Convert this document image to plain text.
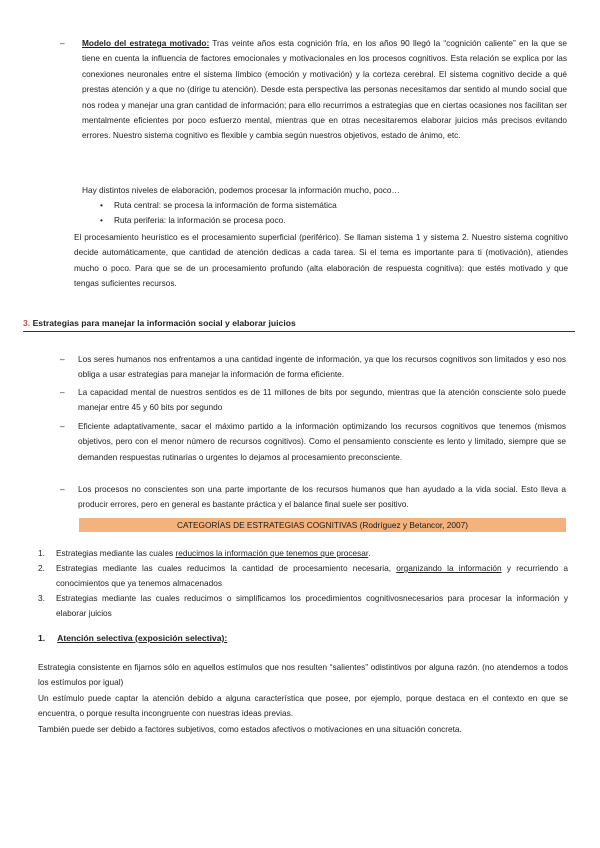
– Modelo del estratega motivado: Tras veinte años esta cognición fría, en los años 90 llegó la “cognición caliente” en la que se tiene en cuenta la influencia de factores emocionales y motivacionales en los procesos cognitivos. Esta relación se explica por las conexiones neuronales entre el sistema límbico (emoción y motivación) y la corteza cerebral. El sistema cognitivo decide a qué prestas atención y a que no (dirige tu atención). Desde esta perspectiva las personas necesitamos dar sentido al mundo social que nos rodea y manejar una gran cantidad de información; para ello recurrimos a estrategias que en ciertas ocasiones nos facilitan ser mentalmente eficientes por poco esfuerzo mental, mientras que en otras necesitaremos elaborar juicios más precisos evitando errores. Nuestro sistema cognitivo es flexible y cambia según nuestros objetivos, estado de ánimo, etc.
Hay distintos niveles de elaboración, podemos procesar la información mucho, poco…
• Ruta central: se procesa la información de forma sistemática
• Ruta periferia: la información se procesa poco.
El procesamiento heurístico es el procesamiento superficial (periférico). Se llaman sistema 1 y sistema 2. Nuestro sistema cognitivo decide automáticamente, que cantidad de atención dedicas a cada tarea. Si el tema es importante para ti (motivación), atiendes mucho o poco. Para que se de un procesamiento profundo (alta elaboración de respuesta cognitiva): que estés motivado y que tengas suficientes recursos.
3. Estrategias para manejar la información social y elaborar juicios
– Los seres humanos nos enfrentamos a una cantidad ingente de información, ya que los recursos cognitivos son limitados y eso nos obliga a usar estrategias para manejar la información de forma eficiente.
– La capacidad mental de nuestros sentidos es de 11 millones de bits por segundo, mientras que la atención consciente solo puede manejar entre 45 y 60 bits por segundo
– Eficiente adaptativamente, sacar el máximo partido a la información optimizando los recursos cognitivos que tenemos (mismos objetivos, pero con el menor número de recursos cognitivos). Como el pensamiento consciente es lento y limitado, siempre que se demanden respuestas rutinarias o urgentes lo dejamos al procesamiento preconsciente.
– Los procesos no conscientes son una parte importante de los recursos humanos que han ayudado a la vida social. Esto lleva a producir errores, pero en general es bastante práctica y el balance final suele ser positivo.
CATEGORÍAS DE ESTRATEGIAS COGNITIVAS (Rodríguez y Betancor, 2007)
1. Estrategias mediante las cuales reducimos la información que tenemos que procesar.
2. Estrategias mediante las cuales reducimos la cantidad de procesamiento necesaria, organizando la información y recurriendo a conocimientos que ya tenemos almacenados
3. Estrategias mediante las cuales reducimos o simplificamos los procedimientos cognitivosnecesarios para procesar la información y elaborar juicios
1. Atención selectiva (exposición selectiva):

Estrategia consistente en fijarnos sólo en aquellos estímulos que nos resulten “salientes” odistintivos por alguna razón. (no atendemos a todos los estímulos por igual)

Un estímulo puede captar la atención debido a alguna característica que posee, por ejemplo, porque destaca en el contexto en que se encuentra, o porque resulta incongruente con nuestras ideas previas.

También puede ser debido a factores subjetivos, como estados afectivos o motivaciones en una situación concreta.
